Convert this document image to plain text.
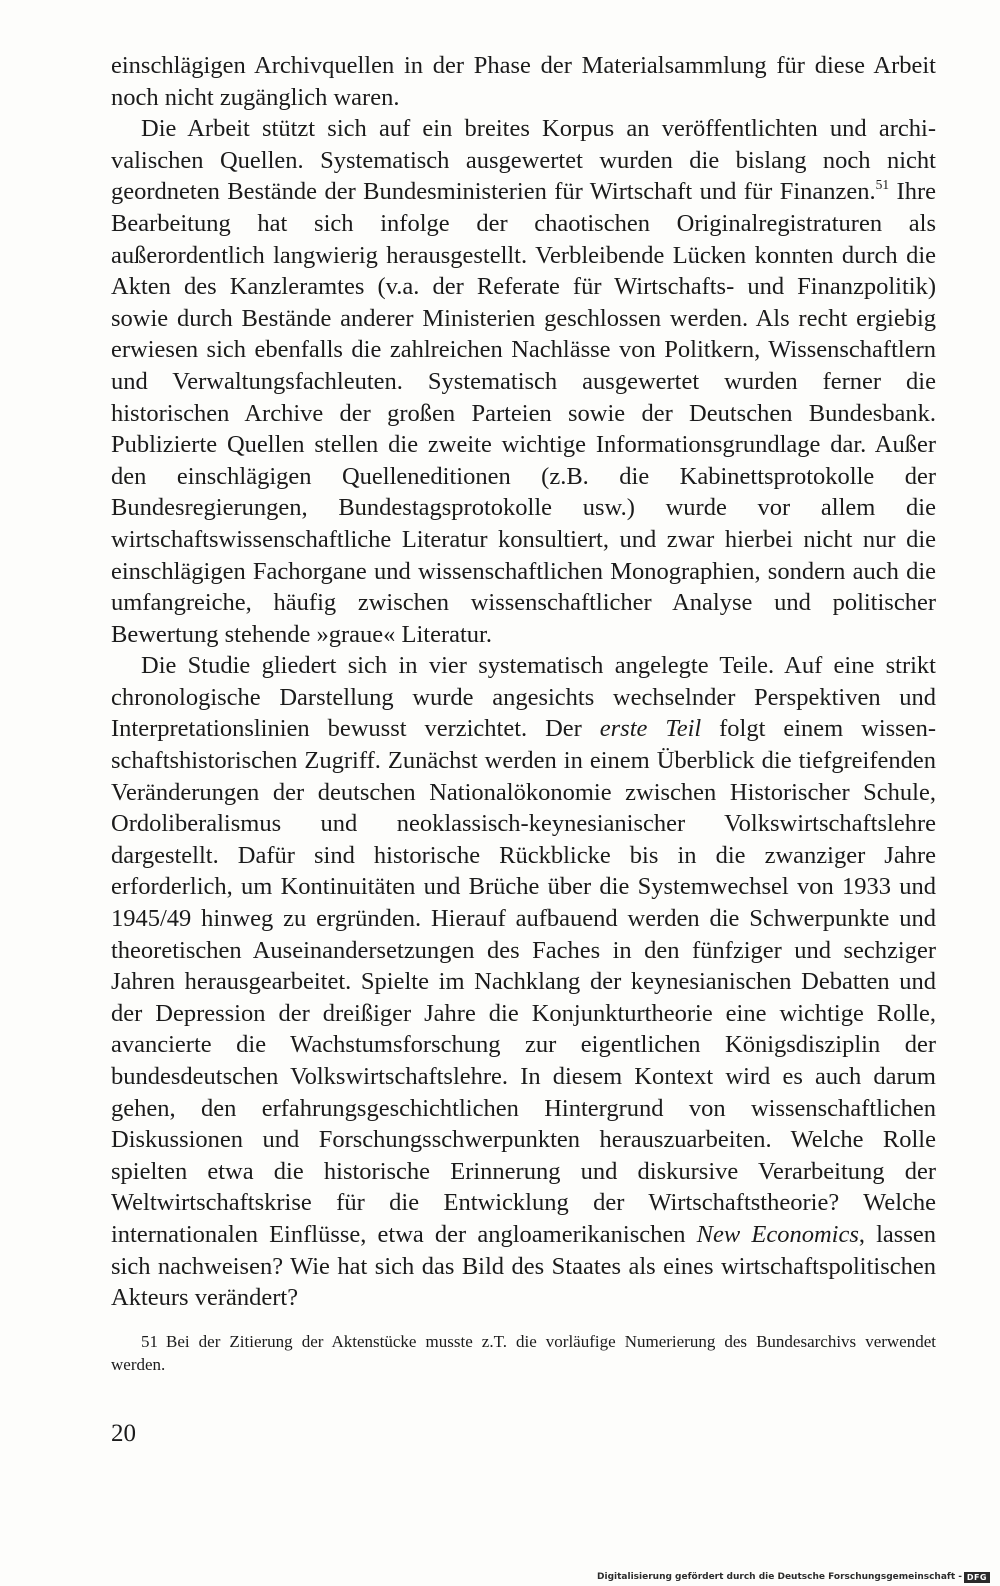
einschlägigen Archivquellen in der Phase der Materialsammlung für diese Arbeit noch nicht zugänglich waren.

Die Arbeit stützt sich auf ein breites Korpus an veröffentlichten und archivalischen Quellen. Systematisch ausgewertet wurden die bislang noch nicht geordneten Bestände der Bundesministerien für Wirtschaft und für Finanzen.$^{51}$ Ihre Bearbeitung hat sich infolge der chaotischen Originalregistraturen als außerordentlich langwierig herausgestellt. Verbleibende Lücken konnten durch die Akten des Kanzleramtes (v.a. der Referate für Wirtschafts- und Finanzpolitik) sowie durch Bestände anderer Ministerien geschlossen werden. Als recht ergiebig erwiesen sich ebenfalls die zahlreichen Nachlässe von Politkern, Wissenschaftlern und Verwaltungsfachleuten. Systematisch ausgewertet wurden ferner die historischen Archive der großen Parteien sowie der Deutschen Bundesbank. Publizierte Quellen stellen die zweite wichtige Informationsgrundlage dar. Außer den einschlägigen Quelleneditionen (z.B. die Kabinettsprotokolle der Bundesregierungen, Bundestagsprotokolle usw.) wurde vor allem die wirtschaftswissenschaftliche Literatur konsultiert, und zwar hierbei nicht nur die einschlägigen Fachorgane und wissenschaftlichen Monographien, sondern auch die umfangreiche, häufig zwischen wissenschaftlicher Analyse und politischer Bewertung stehende »graue« Literatur.

Die Studie gliedert sich in vier systematisch angelegte Teile. Auf eine strikt chronologische Darstellung wurde angesichts wechselnder Perspektiven und Interpretationslinien bewusst verzichtet. Der erste Teil folgt einem wissenschaftshistorischen Zugriff. Zunächst werden in einem Überblick die tiefgreifenden Veränderungen der deutschen Nationalökonomie zwischen Historischer Schule, Ordoliberalismus und neoklassisch-keynesianischer Volkswirtschaftslehre dargestellt. Dafür sind historische Rückblicke bis in die zwanziger Jahre erforderlich, um Kontinuitäten und Brüche über die Systemwechsel von 1933 und 1945/49 hinweg zu ergründen. Hierauf aufbauend werden die Schwerpunkte und theoretischen Auseinandersetzungen des Faches in den fünfziger und sechziger Jahren herausgearbeitet. Spielte im Nachklang der keynesianischen Debatten und der Depression der dreißiger Jahre die Konjunkturtheorie eine wichtige Rolle, avancierte die Wachstumsforschung zur eigentlichen Königsdisziplin der bundesdeutschen Volkswirtschaftslehre. In diesem Kontext wird es auch darum gehen, den erfahrungsgeschichtlichen Hintergrund von wissenschaftlichen Diskussionen und Forschungsschwerpunkten herauszuarbeiten. Welche Rolle spielten etwa die historische Erinnerung und diskursive Verarbeitung der Weltwirtschaftskrise für die Entwicklung der Wirtschaftstheorie? Welche internationalen Einflüsse, etwa der angloamerikanischen New Economics, lassen sich nachweisen? Wie hat sich das Bild des Staates als eines wirtschaftspolitischen Akteurs verändert?

51 Bei der Zitierung der Aktenstücke musste z.T. die vorläufige Numerierung des Bundesarchivs verwendet werden.
20
Digitalisierung gefördert durch die Deutsche Forschungsgemeinschaft - DFG
